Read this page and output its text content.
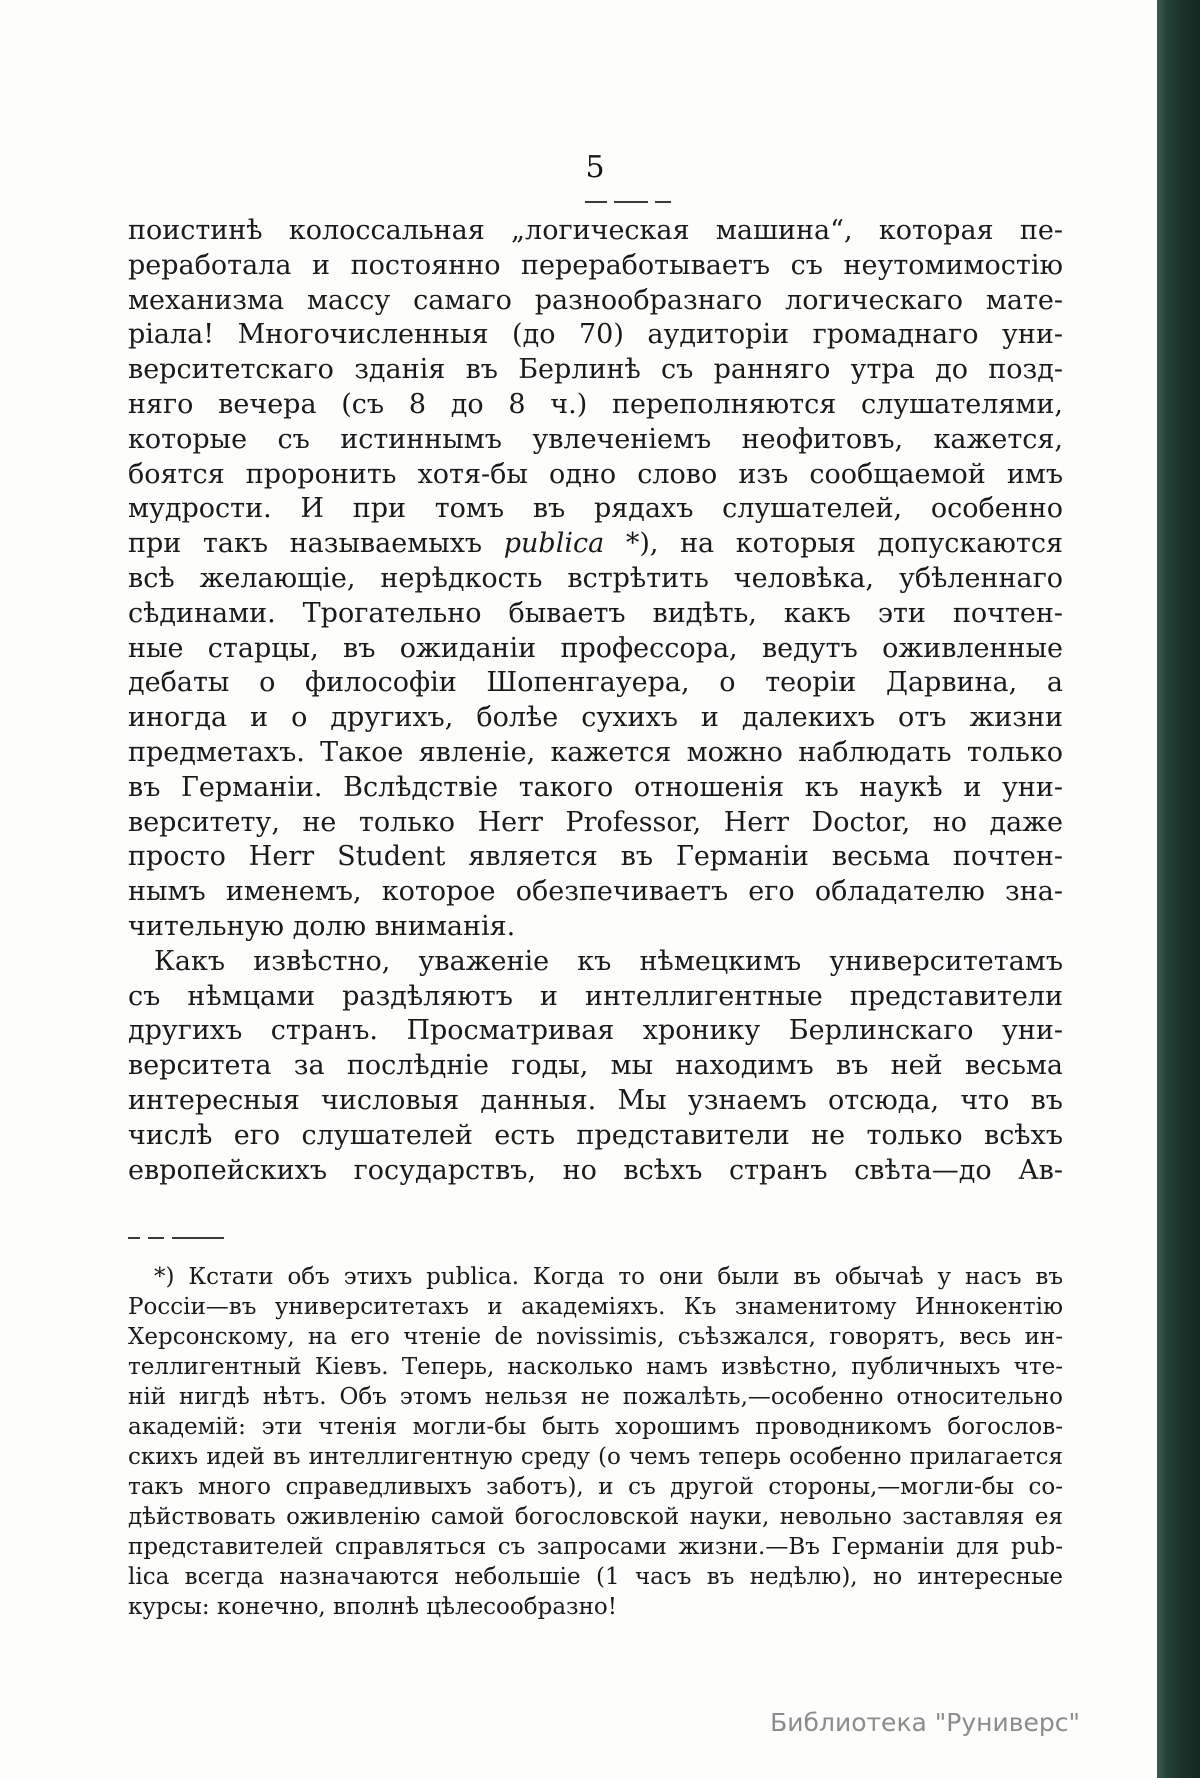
5
поистинѣ колоссальная „логическая машина“, которая пе-
реработала и постоянно переработываетъ съ неутомимостію
механизма массу самаго разнообразнаго логическаго мате-
ріала! Многочисленныя (до 70) аудиторіи громаднаго уни-
верситетскаго зданія въ Берлинѣ съ ранняго утра до позд-
няго вечера (съ 8 до 8 ч.) переполняются слушателями,
которые съ истиннымъ увлеченіемъ неофитовъ, кажется,
боятся проронить хотя-бы одно слово изъ сообщаемой имъ
мудрости. И при томъ въ рядахъ слушателей, особенно
при такъ называемыхъ publica *), на которыя допускаются
всѣ желающіе, нерѣдкость встрѣтить человѣка, убѣленнаго
сѣдинами. Трогательно бываетъ видѣть, какъ эти почтен-
ные старцы, въ ожиданіи профессора, ведутъ оживленные
дебаты о философіи Шопенгауера, о теоріи Дарвина, а
иногда и о другихъ, болѣе сухихъ и далекихъ отъ жизни
предметахъ. Такое явленіе, кажется можно наблюдать только
въ Германіи. Вслѣдствіе такого отношенія къ наукѣ и уни-
верситету, не только Herr Professor, Herr Doctor, но даже
просто Herr Student является въ Германіи весьма почтен-
нымъ именемъ, которое обезпечиваетъ его обладателю зна-
чительную долю вниманія.
Какъ извѣстно, уваженіе къ нѣмецкимъ университетамъ
съ нѣмцами раздѣляютъ и интеллигентные представители
другихъ странъ. Просматривая хронику Берлинскаго уни-
верситета за послѣдніе годы, мы находимъ въ ней весьма
интересныя числовыя данныя. Мы узнаемъ отсюда, что въ
числѣ его слушателей есть представители не только всѣхъ
европейскихъ государствъ, но всѣхъ странъ свѣта—до Ав-
*) Кстати объ этихъ publica. Когда то они были въ обычаѣ у насъ въ
Россіи—въ университетахъ и академіяхъ. Къ знаменитому Иннокентію
Херсонскому, на его чтеніе de novissimis, съѣзжался, говорятъ, весь ин-
теллигентный Кіевъ. Теперь, насколько намъ извѣстно, публичныхъ чте-
ній нигдѣ нѣтъ. Объ этомъ нельзя не пожалѣть,—особенно относительно
академій: эти чтенія могли-бы быть хорошимъ проводникомъ богослов-
скихъ идей въ интеллигентную среду (о чемъ теперь особенно прилагается
такъ много справедливыхъ заботъ), и съ другой стороны,—могли-бы со-
дѣйствовать оживленію самой богословской науки, невольно заставляя ея
представителей справляться съ запросами жизни.—Въ Германіи для pub-
lica всегда назначаются небольшіе (1 часъ въ недѣлю), но интересные
курсы: конечно, вполнѣ цѣлесообразно!
Библиотека "Руниверс"
